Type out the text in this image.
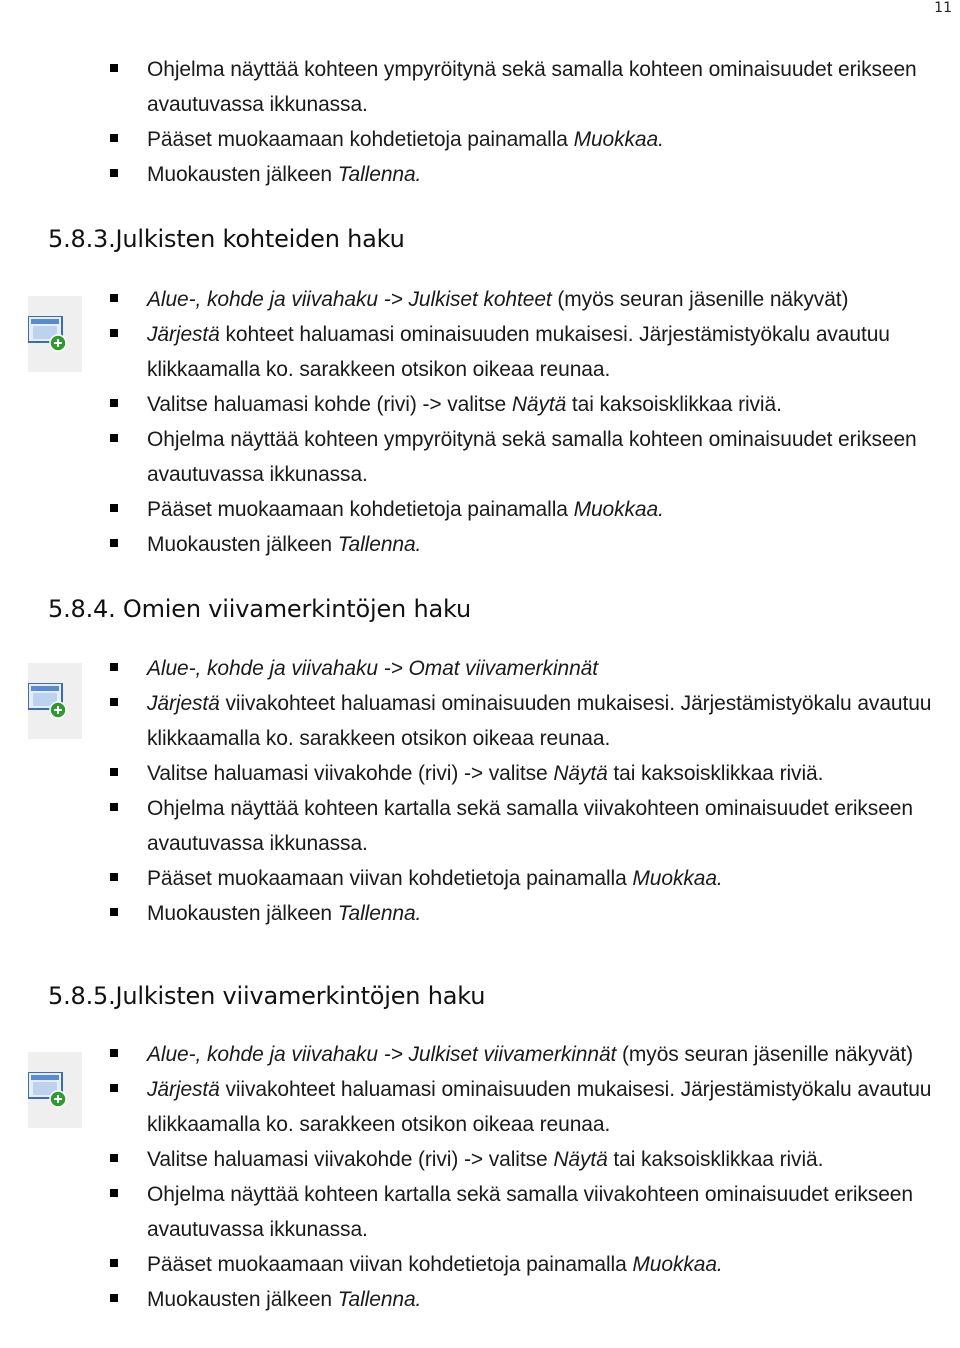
11
Ohjelma näyttää kohteen ympyröitynä sekä samalla kohteen ominaisuudet erikseen avautuvassa ikkunassa.
Pääset muokaamaan kohdetietoja painamalla Muokkaa.
Muokausten jälkeen Tallenna.
5.8.3.Julkisten kohteiden haku
Alue-, kohde ja viivahaku -> Julkiset kohteet (myös seuran jäsenille näkyvät)
Järjestä kohteet haluamasi ominaisuuden mukaisesi. Järjestämistyökalu avautuu klikkaamalla ko. sarakkeen otsikon oikeaa reunaa.
Valitse haluamasi kohde (rivi) -> valitse Näytä tai kaksoisklikkaa riviä.
Ohjelma näyttää kohteen ympyröitynä sekä samalla kohteen ominaisuudet erikseen avautuvassa ikkunassa.
Pääset muokaamaan kohdetietoja painamalla Muokkaa.
Muokausten jälkeen Tallenna.
5.8.4. Omien viivamerkintöjen haku
Alue-, kohde ja viivahaku -> Omat viivamerkinnät
Järjestä viivakohteet haluamasi ominaisuuden mukaisesi. Järjestämistyökalu avautuu klikkaamalla ko. sarakkeen otsikon oikeaa reunaa.
Valitse haluamasi viivakohde (rivi) -> valitse Näytä tai kaksoisklikkaa riviä.
Ohjelma näyttää kohteen kartalla sekä samalla viivakohteen ominaisuudet erikseen avautuvassa ikkunassa.
Pääset muokaamaan viivan kohdetietoja painamalla Muokkaa.
Muokausten jälkeen Tallenna.
5.8.5.Julkisten viivamerkintöjen haku
Alue-, kohde ja viivahaku -> Julkiset viivamerkinnät (myös seuran jäsenille näkyvät)
Järjestä viivakohteet haluamasi ominaisuuden mukaisesi. Järjestämistyökalu avautuu klikkaamalla ko. sarakkeen otsikon oikeaa reunaa.
Valitse haluamasi viivakohde (rivi) -> valitse Näytä tai kaksoisklikkaa riviä.
Ohjelma näyttää kohteen kartalla sekä samalla viivakohteen ominaisuudet erikseen avautuvassa ikkunassa.
Pääset muokaamaan viivan kohdetietoja painamalla Muokkaa.
Muokausten jälkeen Tallenna.
